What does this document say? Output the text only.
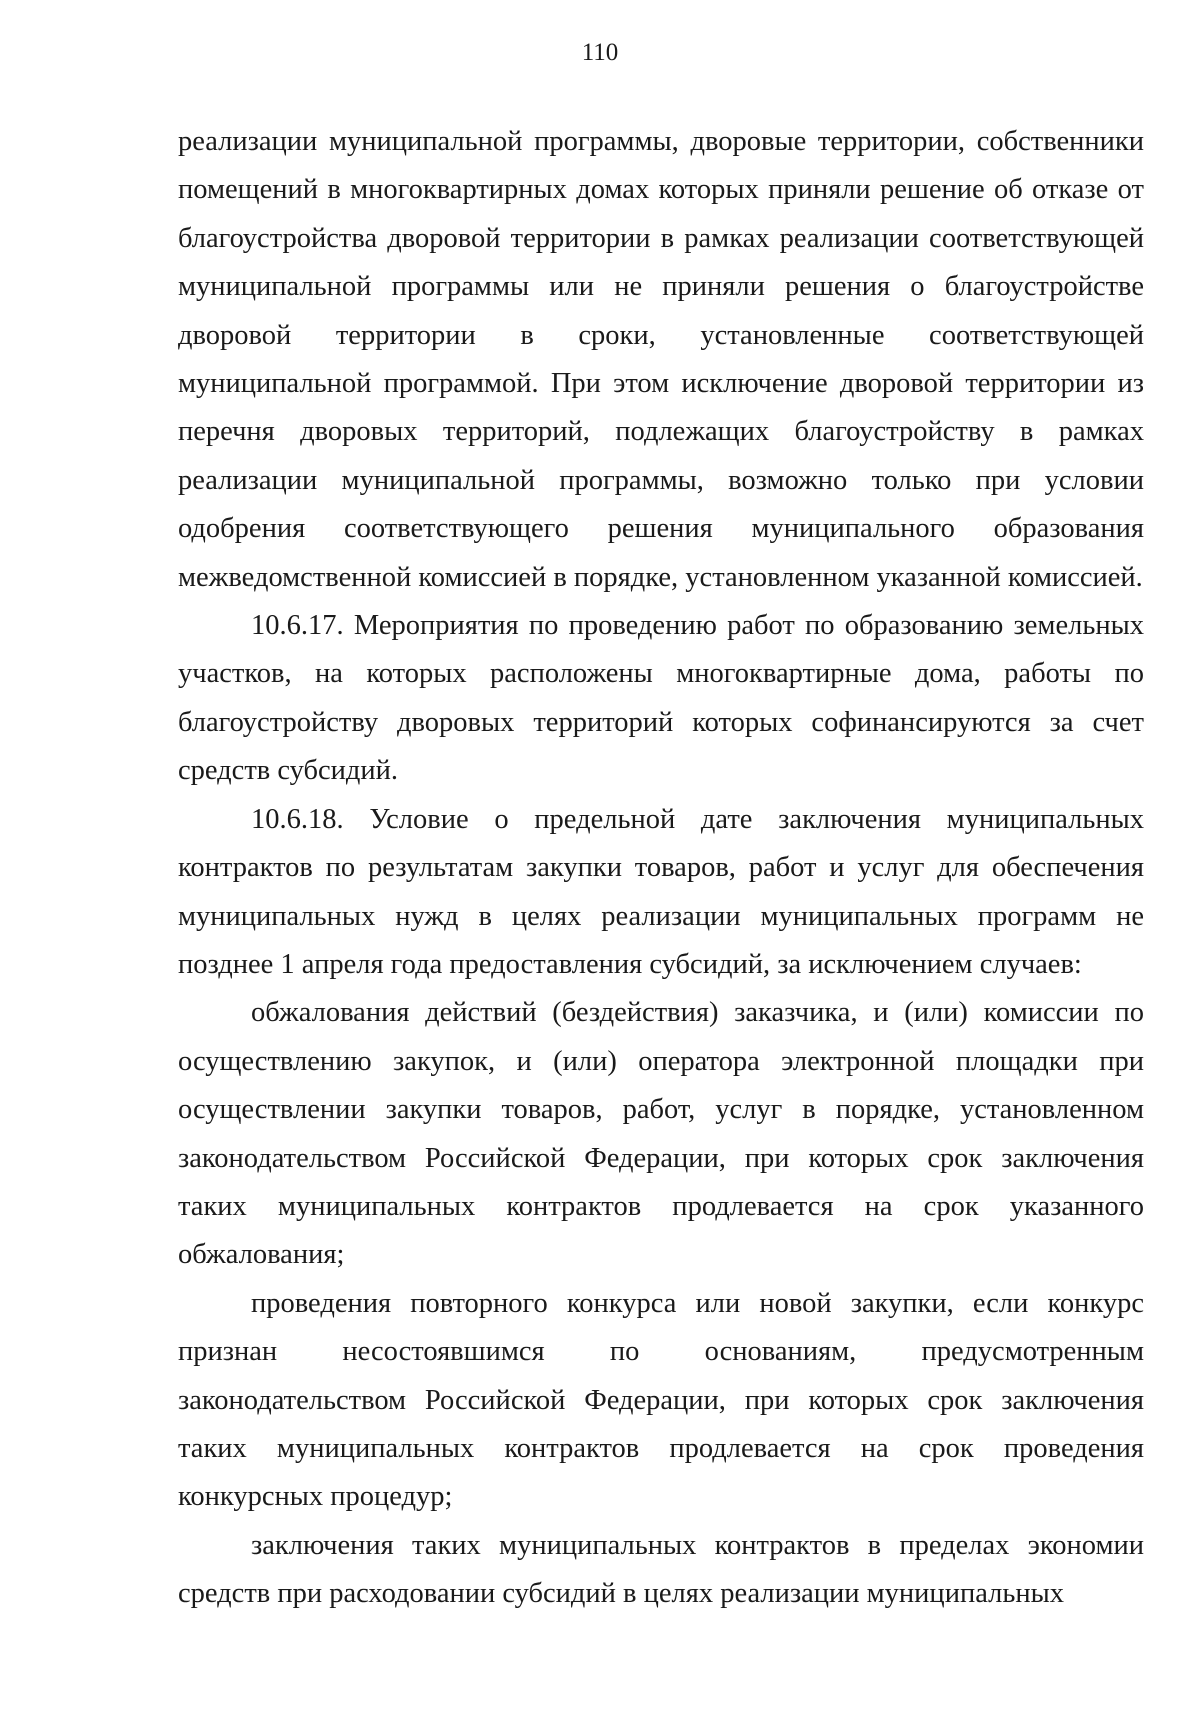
110

реализации муниципальной программы, дворовые территории, собственники помещений в многоквартирных домах которых приняли решение об отказе от благоустройства дворовой территории в рамках реализации соответствующей муниципальной программы или не приняли решения о благоустройстве дворовой территории в сроки, установленные соответствующей муниципальной программой. При этом исключение дворовой территории из перечня дворовых территорий, подлежащих благоустройству в рамках реализации муниципальной программы, возможно только при условии одобрения соответствующего решения муниципального образования межведомственной комиссией в порядке, установленном указанной комиссией.

10.6.17. Мероприятия по проведению работ по образованию земельных участков, на которых расположены многоквартирные дома, работы по благоустройству дворовых территорий которых софинансируются за счет средств субсидий.

10.6.18. Условие о предельной дате заключения муниципальных контрактов по результатам закупки товаров, работ и услуг для обеспечения муниципальных нужд в целях реализации муниципальных программ не позднее 1 апреля года предоставления субсидий, за исключением случаев:

обжалования действий (бездействия) заказчика, и (или) комиссии по осуществлению закупок, и (или) оператора электронной площадки при осуществлении закупки товаров, работ, услуг в порядке, установленном законодательством Российской Федерации, при которых срок заключения таких муниципальных контрактов продлевается на срок указанного обжалования;

проведения повторного конкурса или новой закупки, если конкурс признан несостоявшимся по основаниям, предусмотренным законодательством Российской Федерации, при которых срок заключения таких муниципальных контрактов продлевается на срок проведения конкурсных процедур;

заключения таких муниципальных контрактов в пределах экономии средств при расходовании субсидий в целях реализации муниципальных
